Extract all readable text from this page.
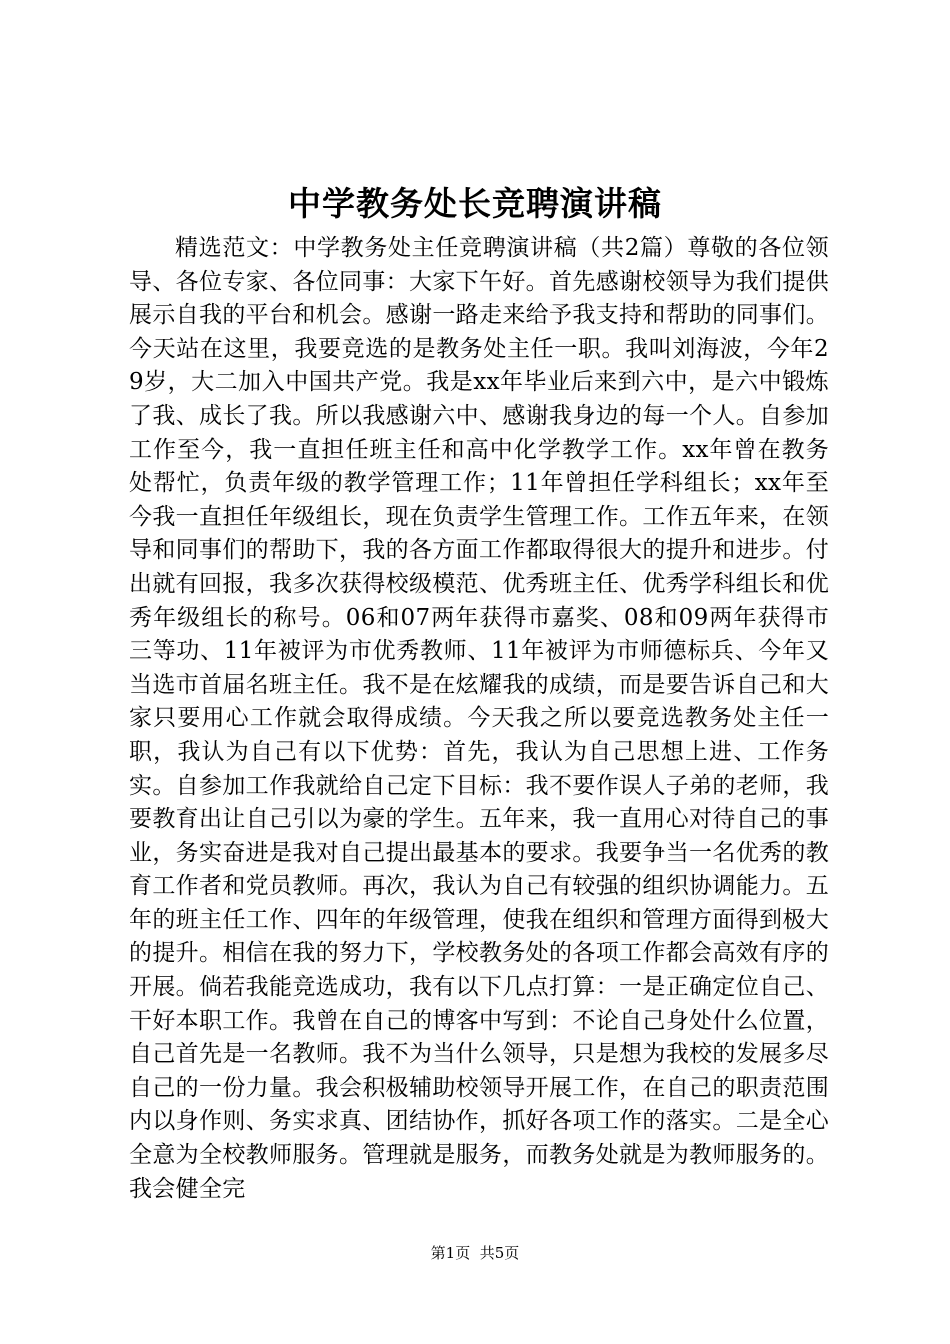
中学教务处长竞聘演讲稿

精选范文：中学教务处主任竞聘演讲稿（共2篇）尊敬的各位领导、各位专家、各位同事：大家下午好。首先感谢校领导为我们提供展示自我的平台和机会。感谢一路走来给予我支持和帮助的同事们。今天站在这里，我要竞选的是教务处主任一职。我叫刘海波，今年29岁，大二加入中国共产党。我是xx年毕业后来到六中，是六中锻炼了我、成长了我。所以我感谢六中、感谢我身边的每一个人。自参加工作至今，我一直担任班主任和高中化学教学工作。xx年曾在教务处帮忙，负责年级的教学管理工作；11年曾担任学科组长；xx年至今我一直担任年级组长，现在负责学生管理工作。工作五年来，在领导和同事们的帮助下，我的各方面工作都取得很大的提升和进步。付出就有回报，我多次获得校级模范、优秀班主任、优秀学科组长和优秀年级组长的称号。06和07两年获得市嘉奖、08和09两年获得市三等功、11年被评为市优秀教师、11年被评为市师德标兵、今年又当选市首届名班主任。我不是在炫耀我的成绩，而是要告诉自己和大家只要用心工作就会取得成绩。今天我之所以要竞选教务处主任一职，我认为自己有以下优势：首先，我认为自己思想上进、工作务实。自参加工作我就给自己定下目标：我不要作误人子弟的老师，我要教育出让自己引以为豪的学生。五年来，我一直用心对待自己的事业，务实奋进是我对自己提出最基本的要求。我要争当一名优秀的教育工作者和党员教师。再次，我认为自己有较强的组织协调能力。五年的班主任工作、四年的年级管理，使我在组织和管理方面得到极大的提升。相信在我的努力下，学校教务处的各项工作都会高效有序的开展。倘若我能竞选成功，我有以下几点打算：一是正确定位自己、干好本职工作。我曾在自己的博客中写到：不论自己身处什么位置，自己首先是一名教师。我不为当什么领导，只是想为我校的发展多尽自己的一份力量。我会积极辅助校领导开展工作，在自己的职责范围内以身作则、务实求真、团结协作，抓好各项工作的落实。二是全心全意为全校教师服务。管理就是服务，而教务处就是为教师服务的。我会健全完

第1页 共5页
